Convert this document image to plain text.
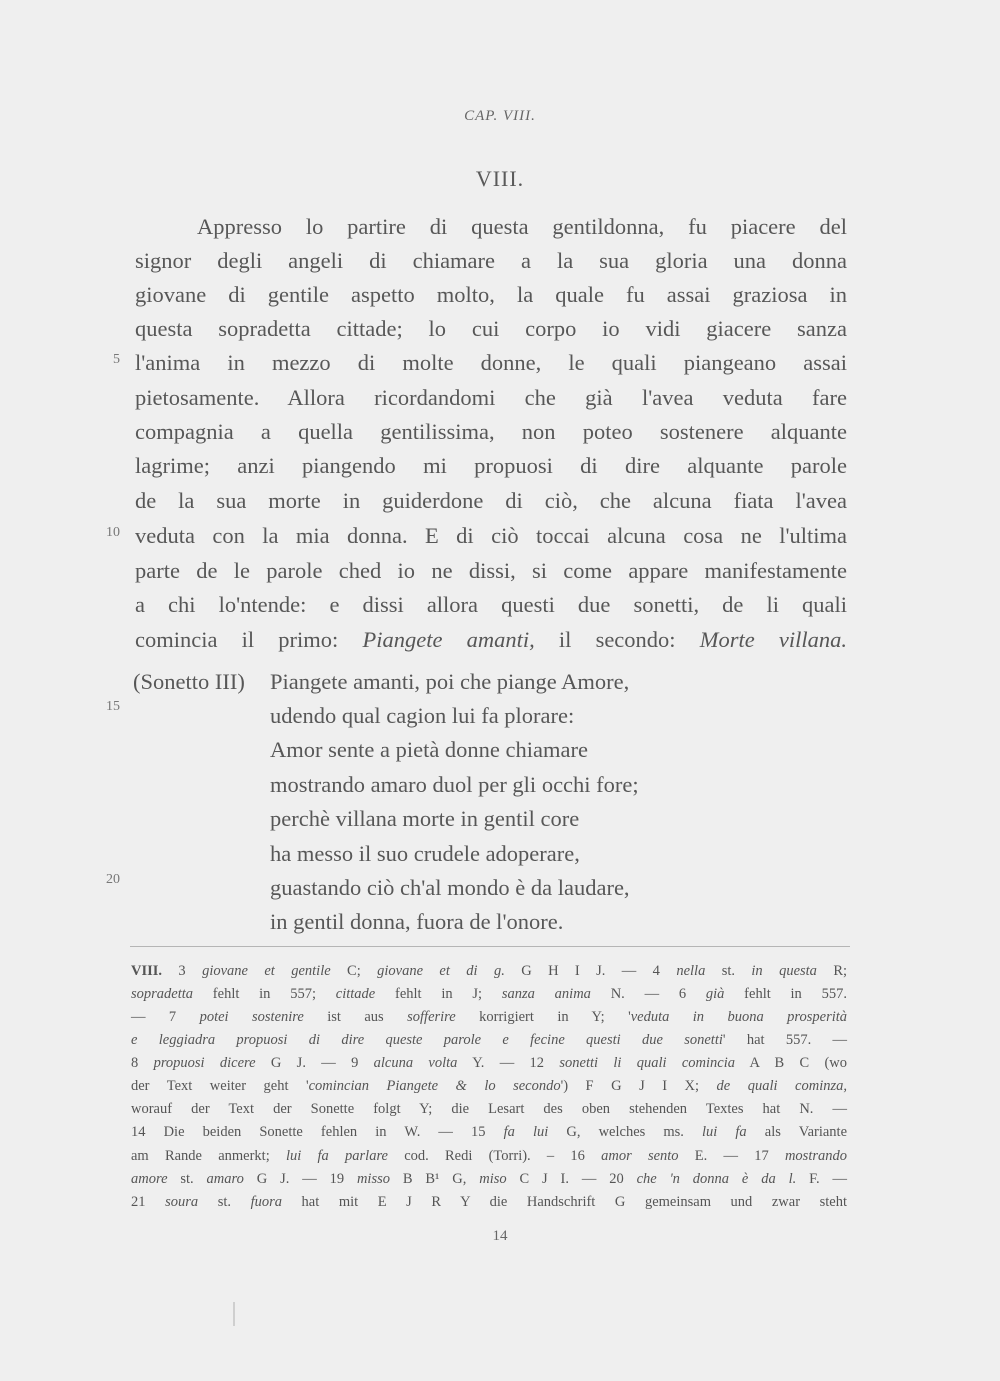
CAP. VIII.
VIII.
Appresso lo partire di questa gentildonna, fu piacere del
signor degli angeli di chiamare a la sua gloria una donna
giovane di gentile aspetto molto, la quale fu assai graziosa in
questa sopradetta cittade; lo cui corpo io vidi giacere sanza
l'anima in mezzo di molte donne, le quali piangeano assai
pietosamente. Allora ricordandomi che già l'avea veduta fare
compagnia a quella gentilissima, non poteo sostenere alquante
lagrime; anzi piangendo mi propuosi di dire alquante parole
de la sua morte in guiderdone di ciò, che alcuna fiata l'avea
veduta con la mia donna. E di ciò toccai alcuna cosa ne l'ultima
parte de le parole ched io ne dissi, si come appare manifestamente
a chi lo'ntende: e dissi allora questi due sonetti, de li quali
comincia il primo: Piangete amanti, il secondo: Morte villana.
5
10
15
20
(Sonetto III) Piangete amanti, poi che piange Amore,
udendo qual cagion lui fa plorare:
Amor sente a pietà donne chiamare
mostrando amaro duol per gli occhi fore;
perchè villana morte in gentil core
ha messo il suo crudele adoperare,
guastando ciò ch'al mondo è da laudare,
in gentil donna, fuora de l'onore.
VIII. 3 giovane et gentile C; giovane et di g. G H I J. — 4 nella st. in questa R;
sopradetta fehlt in 557; cittade fehlt in J; sanza anima N. — 6 già fehlt in 557.
— 7 potei sostenire ist aus sofferire korrigiert in Y; 'veduta in buona prosperità
e leggiadra propuosi di dire queste parole e fecine questi due sonetti' hat 557. —
8 propuosi dicere G J. — 9 alcuna volta Y. — 12 sonetti li quali comincia A B C (wo
der Text weiter geht 'comincian Piangete & lo secondo') F G J I X; de quali cominza,
worauf der Text der Sonette folgt Y; die Lesart des oben stehenden Textes hat N. —
14 Die beiden Sonette fehlen in W. — 15 fa lui G, welches ms. lui fa als Variante
am Rande anmerkt; lui fa parlare cod. Redi (Torri). – 16 amor sento E. — 17 mostrando
amore st. amaro G J. — 19 misso B B¹ G, miso C J I. — 20 che 'n donna è da l. F. —
21 soura st. fuora hat mit E J R Y die Handschrift G gemeinsam und zwar steht
14
